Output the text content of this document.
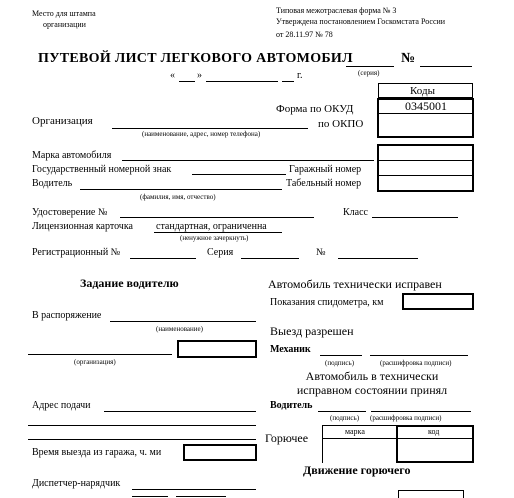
Место для штампа
организации
Типовая межотраслевая форма № 3
Утверждена постановлением Госкомстата России
от 28.11.97 № 78
ПУТЕВОЙ ЛИСТ ЛЕГКОВОГО АВТОМОБИЛ	№
(серия)
« »	г.
Коды
0345001
Форма по ОКУД
по ОКПО
Организация
(наименование, адрес, номер телефона)
Марка автомобиля
Государственный номерной знак	Гаражный номер
Водитель	Табельный номер
(фамилия, имя, отчество)
Удостоверение №	Класс
Лицензионная карточка стандартная, ограниченна
(ненужное зачеркнуть)
Регистрационный №	Серия	№
Задание водителю
В распоряжение
(наименование)
(организация)
Адрес подачи
Время выезда из гаража, ч. ми
Диспетчер-нарядчик
Автомобиль технически исправен
Показания спидометра, км
Выезд разрешен
Механик
(подпись)	(расшифровка подписи)
Автомобиль в технически
исправном состоянии принял
Водитель
(подпись) (расшифровка подписи)
Горючее	марка	код
Движение горючего
